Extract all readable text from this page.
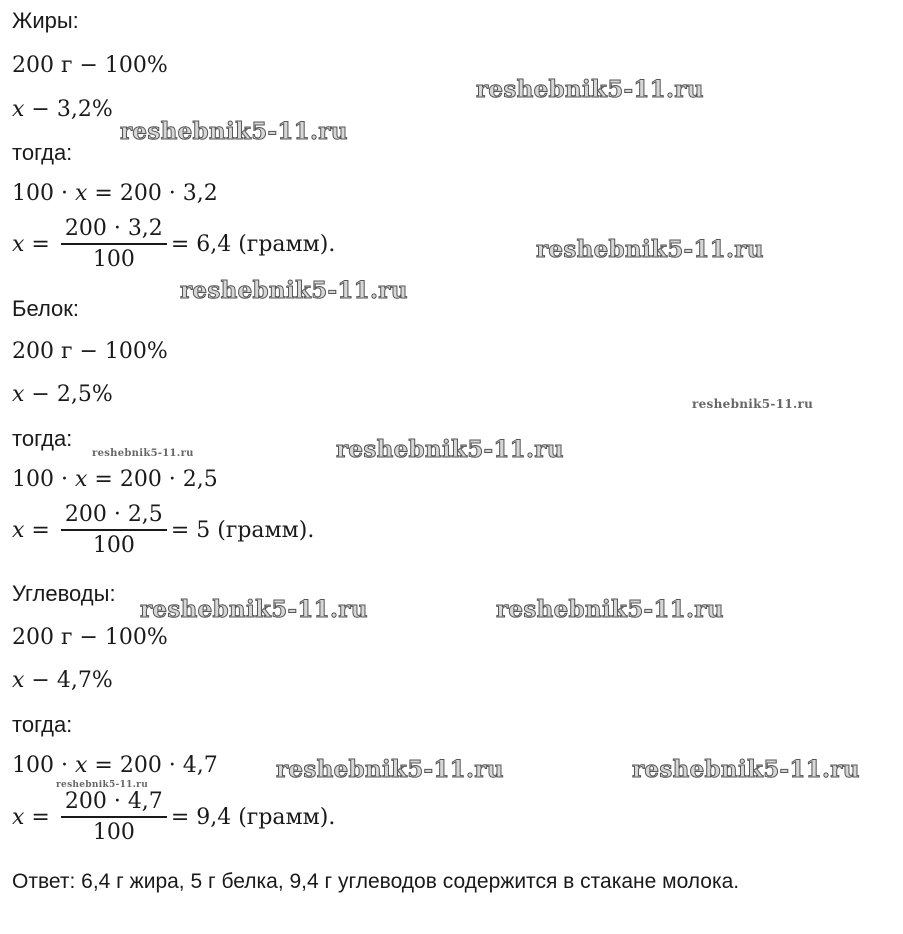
Жиры:
200 г − 100%
x − 3,2%
тогда:
100 · x = 200 · 3,2
$x = \frac{200 \cdot 3,2}{100} = 6,4$ (грамм).
Белок:
200 г − 100%
x − 2,5%
тогда:
100 · x = 200 · 2,5
$x = \frac{200 \cdot 2,5}{100} = 5$ (грамм).
Углеводы:
200 г − 100%
x − 4,7%
тогда:
100 · x = 200 · 4,7
$x = \frac{200 \cdot 4,7}{100} = 9,4$ (грамм).
Ответ: 6,4 г жира, 5 г белка, 9,4 г углеводов содержится в стакане молока.
reshebnik5-11.ru
reshebnik5-11.ru
reshebnik5-11.ru
reshebnik5-11.ru
reshebnik5-11.ru
reshebnik5-11.ru
reshebnik5-11.ru
reshebnik5-11.ru	reshebnik5-11.ru
reshebnik5-11.ru	reshebnik5-11.ru
reshebnik5-11.ru
